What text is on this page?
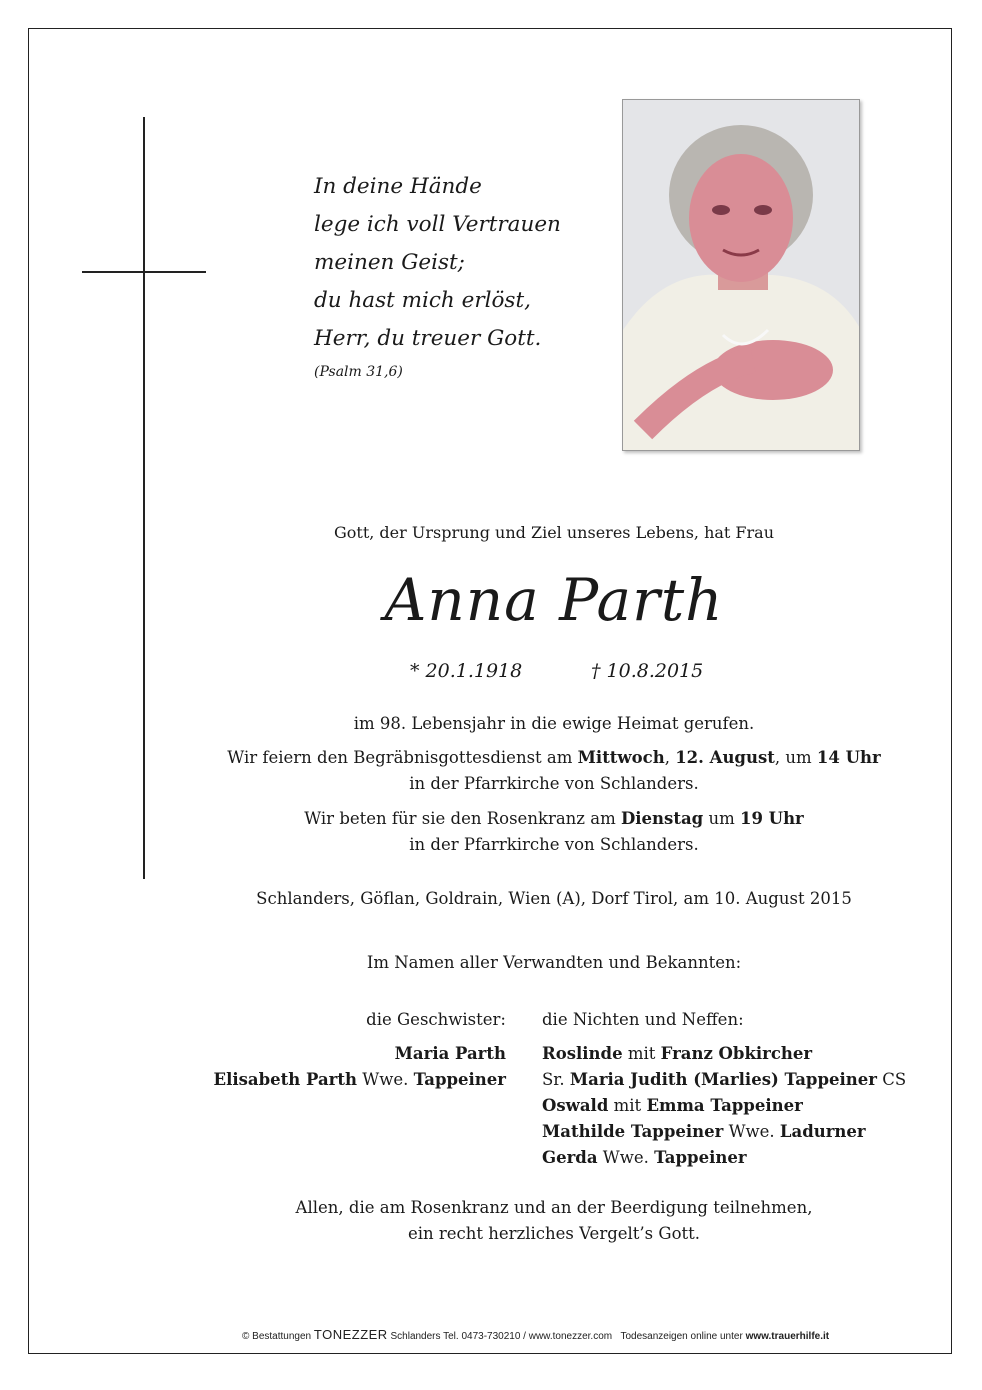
In deine Hände
lege ich voll Vertrauen
meinen Geist;
du hast mich erlöst,
Herr, du treuer Gott.
(Psalm 31,6)
Gott, der Ursprung und Ziel unseres Lebens, hat Frau
Anna Parth
* 20.1.1918	† 10.8.2015
im 98. Lebensjahr in die ewige Heimat gerufen.
Wir feiern den Begräbnisgottesdienst am Mittwoch, 12. August, um 14 Uhr
in der Pfarrkirche von Schlanders.
Wir beten für sie den Rosenkranz am Dienstag um 19 Uhr
in der Pfarrkirche von Schlanders.
Schlanders, Göflan, Goldrain, Wien (A), Dorf Tirol, am 10. August 2015
Im Namen aller Verwandten und Bekannten:
die Geschwister:
Maria Parth
Elisabeth Parth Wwe. Tappeiner
die Nichten und Neffen:
Roslinde mit Franz Obkircher
Sr. Maria Judith (Marlies) Tappeiner CS
Oswald mit Emma Tappeiner
Mathilde Tappeiner Wwe. Ladurner
Gerda Wwe. Tappeiner
Allen, die am Rosenkranz und an der Beerdigung teilnehmen,
ein recht herzliches Vergelt’s Gott.
© Bestattungen TONEZZER Schlanders Tel. 0473-730210 / www.tonezzer.com Todesanzeigen online unter www.trauerhilfe.it
